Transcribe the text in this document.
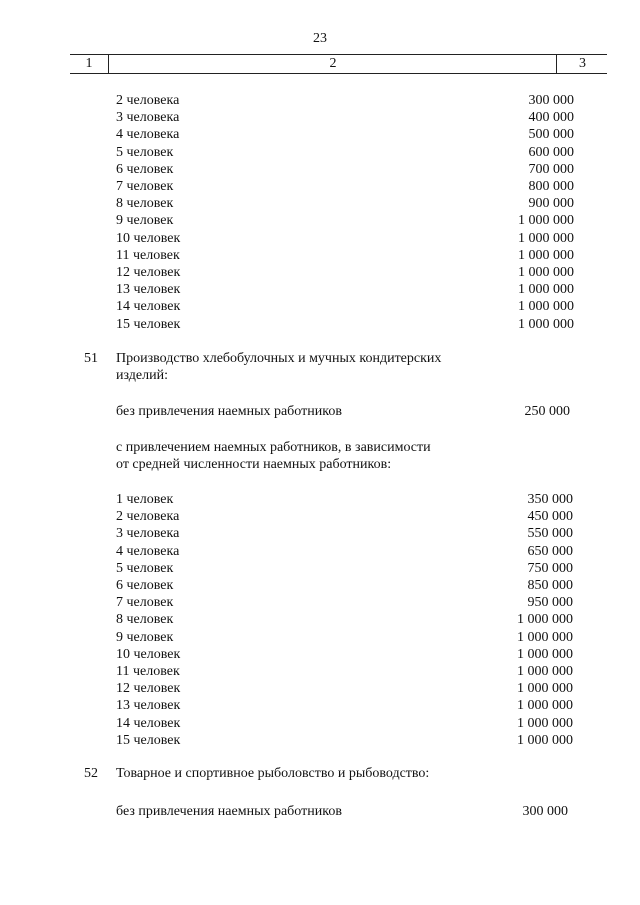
23
1	2	3
2 человека	300 000
3 человека	400 000
4 человека	500 000
5 человек	600 000
6 человек	700 000
7 человек	800 000
8 человек	900 000
9 человек	1 000 000
10 человек	1 000 000
11 человек	1 000 000
12 человек	1 000 000
13 человек	1 000 000
14 человек	1 000 000
15 человек	1 000 000
51 Производство хлебобулочных и мучных кондитерских
изделий:
без привлечения наемных работников	250 000
с привлечением наемных работников, в зависимости
от средней численности наемных работников:
1 человек	350 000
2 человека	450 000
3 человека	550 000
4 человека	650 000
5 человек	750 000
6 человек	850 000
7 человек	950 000
8 человек	1 000 000
9 человек	1 000 000
10 человек	1 000 000
11 человек	1 000 000
12 человек	1 000 000
13 человек	1 000 000
14 человек	1 000 000
15 человек	1 000 000
52 Товарное и спортивное рыболовство и рыбоводство:
без привлечения наемных работников	300 000
